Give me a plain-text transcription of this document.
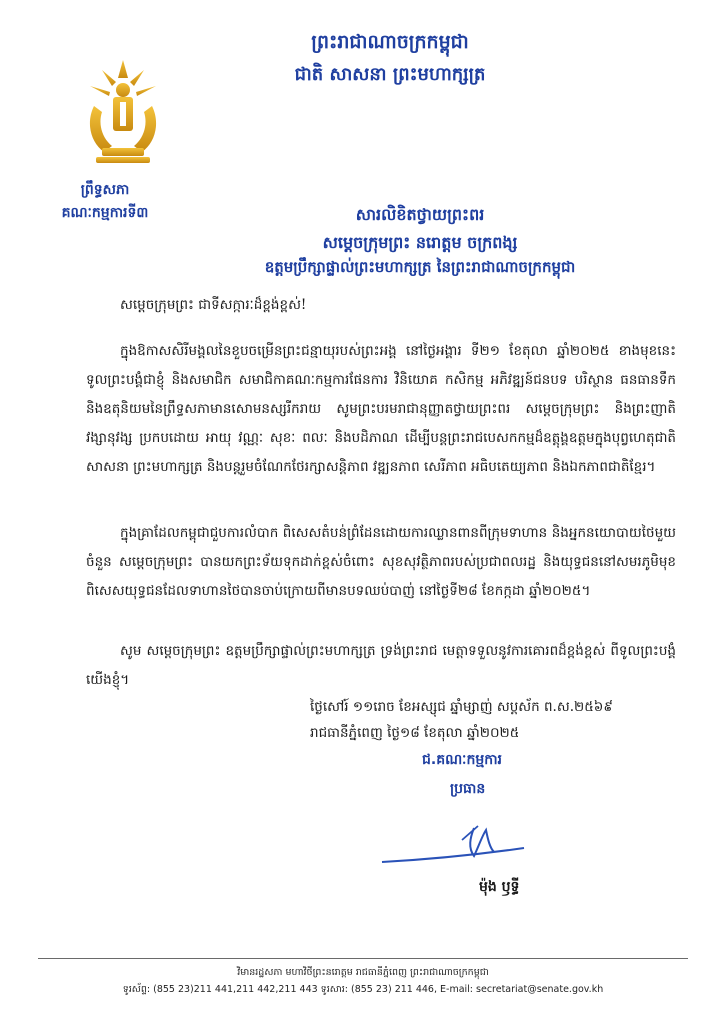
ព្រះរាជាណាចក្រកម្ពុជា
ជាតិ សាសនា ព្រះមហាក្សត្រ
ព្រឹទ្ធសភា
គណៈកម្មការទី៣	សារលិខិតថ្វាយព្រះពរ
សម្តេចក្រុមព្រះ នរោត្តម ចក្រពង្ស
ឧត្តមប្រឹក្សាផ្ទាល់ព្រះមហាក្សត្រ នៃព្រះរាជាណាចក្រកម្ពុជា
សម្តេចក្រុមព្រះ ជាទីសក្ការៈដ៏ខ្ពង់ខ្ពស់!
ក្នុងឱកាសសិរីមង្គលនៃខួបចម្រើនព្រះជន្មាយុរបស់ព្រះអង្គ នៅថ្ងៃអង្គារ ទី២១ ខែតុលា ឆ្នាំ២០២៥ ខាងមុខនេះ ទូលព្រះបង្គំជាខ្ញុំ និងសមាជិក សមាជិកាគណៈកម្មការផែនការ វិនិយោគ កសិកម្ម អភិវឌ្ឍន៍ជនបទ បរិស្ថាន ធនធានទឹក និងឧតុនិយមនៃព្រឹទ្ធសភាមានសោមនស្សរីករាយ សូមព្រះបរមរាជានុញ្ញាតថ្វាយព្រះពរ សម្តេចក្រុមព្រះ និងព្រះញាតិវង្សានុវង្ស ប្រកបដោយ អាយុ វណ្ណៈ សុខៈ ពលៈ និងបដិភាណ ដើម្បីបន្តព្រះរាជបេសកកម្មដ៏ឧត្តុង្គឧត្តមក្នុងបុព្វហេតុជាតិ សាសនា ព្រះមហាក្សត្រ និងបន្តរួមចំណែកថែរក្សាសន្តិភាព វឌ្ឍនភាព សេរីភាព អធិបតេយ្យភាព និងឯកភាពជាតិខ្មែរ។
ក្នុងគ្រាដែលកម្ពុជាជួបការលំបាក ពិសេសតំបន់ព្រំដែនដោយការឈ្លានពានពីក្រុមទាហាន និងអ្នកនយោបាយថៃមួយចំនួន សម្តេចក្រុមព្រះ បានយកព្រះទ័យទុកដាក់ខ្ពស់ចំពោះ សុខសុវត្ថិភាពរបស់ប្រជាពលរដ្ឋ និងយុទ្ធជននៅសមរភូមិមុខ ពិសេសយុទ្ធជនដែលទាហានថៃបានចាប់ក្រោយពីមានបទឈប់បាញ់ នៅថ្ងៃទី២៨ ខែកក្កដា ឆ្នាំ២០២៥។
សូម សម្តេចក្រុមព្រះ ឧត្តមប្រឹក្សាផ្ទាល់ព្រះមហាក្សត្រ ទ្រង់ព្រះរាជ មេត្តាទទួលនូវការគោរពដ៏ខ្ពង់ខ្ពស់ ពីទូលព្រះបង្គំយើងខ្ញុំ។
ថ្ងៃសៅរ៍ ១១រោច ខែអស្សុជ ឆ្នាំម្សាញ់ សប្តស័ក ព.ស.២៥៦៩
រាជធានីភ្នំពេញ ថ្ងៃ១៨ ខែតុលា ឆ្នាំ២០២៥
ជ.គណៈកម្មការ
ប្រធាន
ម៉ុង ឫទ្ធី
វិមានរដ្ឋសភា មហាវិថីព្រះនរោត្តម រាជធានីភ្នំពេញ ព្រះរាជាណាចក្រកម្ពុជា
ទូរស័ព្ទ: (855 23)211 441,211 442,211 443 ទូរសារ: (855 23) 211 446, E-mail: secretariat@senate.gov.kh
